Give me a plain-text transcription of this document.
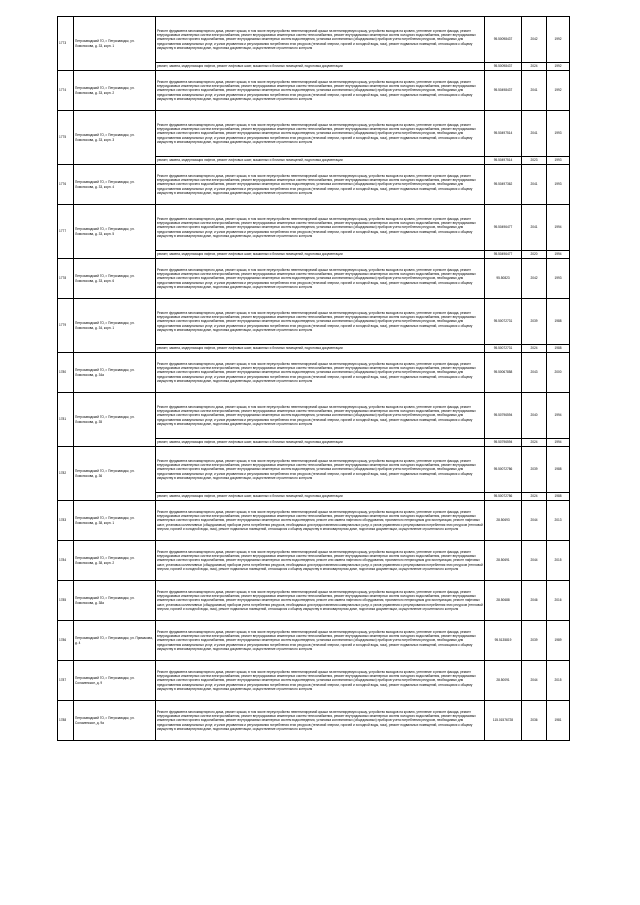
1773	Петрозаводский ГО, г. Петрозаводск, ул. Ломоносова, д. 33, корп. 1	Ремонт фундамента многоквартирного дома, ремонт крыши, в том числе переустройство невентилируемой крыши на вентилируемую крышу, устройство выходов на кровлю, утепление и ремонт фасада, ремонт внутридомовых инженерных систем электроснабжения, ремонт внутридомовых инженерных систем теплоснабжения, ремонт внутридомовых инженерных систем холодного водоснабжения, ремонт внутридомовых инженерных систем горячего водоснабжения, ремонт внутридомовых инженерных систем водоотведения, установка коллективных (общедомовых) приборов учета потребления ресурсов, необходимых для предоставления коммунальных услуг, и узлов управления и регулирования потребления этих ресурсов (тепловой энергии, горячей и холодной воды, газа), ремонт подвальных помещений, относящихся к общему имуществу в многоквартирном доме, подготовка документации, осуществление строительного контроля	95.50098437	2042	1992

		ремонт, замена, модернизация лифтов, ремонт лифтовых шахт, машинных и блочных помещений, подготовка документации	95.50098437	2024	1992
1774	Петрозаводский ГО, г. Петрозаводск, ул. Ломоносова, д. 33, корп. 2	Ремонт фундамента многоквартирного дома, ремонт крыши, в том числе переустройство невентилируемой крыши на вентилируемую крышу, устройство выходов на кровлю, утепление и ремонт фасада, ремонт внутридомовых инженерных систем электроснабжения, ремонт внутридомовых инженерных систем теплоснабжения, ремонт внутридомовых инженерных систем холодного водоснабжения, ремонт внутридомовых инженерных систем горячего водоснабжения, ремонт внутридомовых инженерных систем водоотведения, установка коллективных (общедомовых) приборов учета потребления ресурсов, необходимых для предоставления коммунальных услуг, и узлов управления и регулирования потребления этих ресурсов (тепловой энергии, горячей и холодной воды, газа), ремонт подвальных помещений, относящихся к общему имуществу в многоквартирном доме, подготовка документации, осуществление строительного контроля	95.50498437	2041	1992
1775	Петрозаводский ГО, г. Петрозаводск, ул. Ломоносова, д. 33, корп. 3	Ремонт фундамента многоквартирного дома, ремонт крыши, в том числе переустройство невентилируемой крыши на вентилируемую крышу, устройство выходов на кровлю, утепление и ремонт фасада, ремонт внутридомовых инженерных систем электроснабжения, ремонт внутридомовых инженерных систем теплоснабжения, ремонт внутридомовых инженерных систем холодного водоснабжения, ремонт внутридомовых инженерных систем горячего водоснабжения, ремонт внутридомовых инженерных систем водоотведения, установка коллективных (общедомовых) приборов учета потребления ресурсов, необходимых для предоставления коммунальных услуг, и узлов управления и регулирования потребления этих ресурсов (тепловой энергии, горячей и холодной воды, газа), ремонт подвальных помещений, относящихся к общему имуществу в многоквартирном доме, подготовка документации, осуществление строительного контроля	95.50497514	2041	1993

		ремонт, замена, модернизация лифтов, ремонт лифтовых шахт, машинных и блочных помещений, подготовка документации	95.50497514	2023	1993
1776	Петрозаводский ГО, г. Петрозаводск, ул. Ломоносова, д. 33, корп. 4	Ремонт фундамента многоквартирного дома, ремонт крыши, в том числе переустройство невентилируемой крыши на вентилируемую крышу, устройство выходов на кровлю, утепление и ремонт фасада, ремонт внутридомовых инженерных систем электроснабжения, ремонт внутридомовых инженерных систем теплоснабжения, ремонт внутридомовых инженерных систем холодного водоснабжения, ремонт внутридомовых инженерных систем горячего водоснабжения, ремонт внутридомовых инженерных систем водоотведения, установка коллективных (общедомовых) приборов учета потребления ресурсов, необходимых для предоставления коммунальных услуг, и узлов управления и регулирования потребления этих ресурсов (тепловой энергии, горячей и холодной воды, газа), ремонт подвальных помещений, относящихся к общему имуществу в многоквартирном доме, подготовка документации, осуществление строительного контроля	95.50497362	2041	1993
1777	Петрозаводский ГО, г. Петрозаводск, ул. Ломоносова, д. 33, корп. 5	Ремонт фундамента многоквартирного дома, ремонт крыши, в том числе переустройство невентилируемой крыши на вентилируемую крышу, устройство выходов на кровлю, утепление и ремонт фасада, ремонт внутридомовых инженерных систем электроснабжения, ремонт внутридомовых инженерных систем теплоснабжения, ремонт внутридомовых инженерных систем холодного водоснабжения, ремонт внутридомовых инженерных систем горячего водоснабжения, ремонт внутридомовых инженерных систем водоотведения, установка коллективных (общедомовых) приборов учета потребления ресурсов, необходимых для предоставления коммунальных услуг, и узлов управления и регулирования потребления этих ресурсов (тепловой энергии, горячей и холодной воды, газа), ремонт подвальных помещений, относящихся к общему имуществу в многоквартирном доме, подготовка документации, осуществление строительного контроля	95.50496477	2041	1994

		ремонт, замена, модернизация лифтов, ремонт лифтовых шахт, машинных и блочных помещений, подготовка документации	95.50496477	2020	1994
1778	Петрозаводский ГО, г. Петрозаводск, ул. Ломоносова, д. 33, корп. 6	Ремонт фундамента многоквартирного дома, ремонт крыши, в том числе переустройство невентилируемой крыши на вентилируемую крышу, устройство выходов на кровлю, утепление и ремонт фасада, ремонт внутридомовых инженерных систем электроснабжения, ремонт внутридомовых инженерных систем теплоснабжения, ремонт внутридомовых инженерных систем холодного водоснабжения, ремонт внутридомовых инженерных систем горячего водоснабжения, ремонт внутридомовых инженерных систем водоотведения, установка коллективных (общедомовых) приборов учета потребления ресурсов, необходимых для предоставления коммунальных услуг, и узлов управления и регулирования потребления этих ресурсов (тепловой энергии, горячей и холодной воды, газа), ремонт подвальных помещений, относящихся к общему имуществу в многоквартирном доме, подготовка документации, осуществление строительного контроля	95.50823	2042	1993
1779	Петрозаводский ГО, г. Петрозаводск, ул. Ломоносова, д. 34, корп. 1	Ремонт фундамента многоквартирного дома, ремонт крыши, в том числе переустройство невентилируемой крыши на вентилируемую крышу, устройство выходов на кровлю, утепление и ремонт фасада, ремонт внутридомовых инженерных систем электроснабжения, ремонт внутридомовых инженерных систем теплоснабжения, ремонт внутридомовых инженерных систем холодного водоснабжения, ремонт внутридомовых инженерных систем горячего водоснабжения, ремонт внутридомовых инженерных систем водоотведения, установка коллективных (общедомовых) приборов учета потребления ресурсов, необходимых для предоставления коммунальных услуг, и узлов управления и регулирования потребления этих ресурсов (тепловой энергии, горячей и холодной воды, газа), ремонт подвальных помещений, относящихся к общему имуществу в многоквартирном доме, подготовка документации, осуществление строительного контроля	95.50072731	2039	1988

		ремонт, замена, модернизация лифтов, ремонт лифтовых шахт, машинных и блочных помещений, подготовка документации	95.50072731	2024	1988
1780	Петрозаводский ГО, г. Петрозаводск, ул. Ломоносова, д. 34а	Ремонт фундамента многоквартирного дома, ремонт крыши, в том числе переустройство невентилируемой крыши на вентилируемую крышу, устройство выходов на кровлю, утепление и ремонт фасада, ремонт внутридомовых инженерных систем электроснабжения, ремонт внутридомовых инженерных систем теплоснабжения, ремонт внутридомовых инженерных систем холодного водоснабжения, ремонт внутридомовых инженерных систем горячего водоснабжения, ремонт внутридомовых инженерных систем водоотведения, установка коллективных (общедомовых) приборов учета потребления ресурсов, необходимых для предоставления коммунальных услуг, и узлов управления и регулирования потребления этих ресурсов (тепловой энергии, горячей и холодной воды, газа), ремонт подвальных помещений, относящихся к общему имуществу в многоквартирном доме, подготовка документации, осуществление строительного контроля	95.50067858	2043	2000
1781	Петрозаводский ГО, г. Петрозаводск, ул. Ломоносова, д. 35	Ремонт фундамента многоквартирного дома, ремонт крыши, в том числе переустройство невентилируемой крыши на вентилируемую крышу, устройство выходов на кровлю, утепление и ремонт фасада, ремонт внутридомовых инженерных систем электроснабжения, ремонт внутридомовых инженерных систем теплоснабжения, ремонт внутридомовых инженерных систем холодного водоснабжения, ремонт внутридомовых инженерных систем горячего водоснабжения, ремонт внутридомовых инженерных систем водоотведения, установка коллективных (общедомовых) приборов учета потребления ресурсов, необходимых для предоставления коммунальных услуг, и узлов управления и регулирования потребления этих ресурсов (тепловой энергии, горячей и холодной воды, газа), ремонт подвальных помещений, относящихся к общему имуществу в многоквартирном доме, подготовка документации, осуществление строительного контроля	95.50796594	2040	1994

		ремонт, замена, модернизация лифтов, ремонт лифтовых шахт, машинных и блочных помещений, подготовка документации	95.50796594	2024	1994
1782	Петрозаводский ГО, г. Петрозаводск, ул. Ломоносова, д. 36	Ремонт фундамента многоквартирного дома, ремонт крыши, в том числе переустройство невентилируемой крыши на вентилируемую крышу, устройство выходов на кровлю, утепление и ремонт фасада, ремонт внутридомовых инженерных систем электроснабжения, ремонт внутридомовых инженерных систем теплоснабжения, ремонт внутридомовых инженерных систем холодного водоснабжения, ремонт внутридомовых инженерных систем горячего водоснабжения, ремонт внутридомовых инженерных систем водоотведения, установка коллективных (общедомовых) приборов учета потребления ресурсов, необходимых для предоставления коммунальных услуг, и узлов управления и регулирования потребления этих ресурсов (тепловой энергии, горячей и холодной воды, газа), ремонт подвальных помещений, относящихся к общему имуществу в многоквартирном доме, подготовка документации, осуществление строительного контроля	95.50072786	2039	1988

		ремонт, замена, модернизация лифтов, ремонт лифтовых шахт, машинных и блочных помещений, подготовка документации	95.50072786	2024	1988
1783	Петрозаводский ГО, г. Петрозаводск, ул. Ломоносова, д. 38, корп. 1	Ремонт фундамента многоквартирного дома, ремонт крыши, в том числе переустройство невентилируемой крыши на вентилируемую крышу, устройство выходов на кровлю, утепление и ремонт фасада, ремонт внутридомовых инженерных систем электроснабжения, ремонт внутридомовых инженерных систем теплоснабжения, ремонт внутридомовых инженерных систем холодного водоснабжения, ремонт внутридомовых инженерных систем горячего водоснабжения, ремонт внутридомовых инженерных систем водоотведения, ремонт или замена лифтового оборудования, признанного непригодным для эксплуатации, ремонт лифтовых шахт, установка коллективных (общедомовых) приборов учета потребления ресурсов, необходимых для предоставления коммунальных услуг, и узлов управления и регулирования потребления этих ресурсов (тепловой энергии, горячей и холодной воды, газа), ремонт подвальных помещений, относящихся к общему имуществу в многоквартирном доме, подготовка документации, осуществление строительного контроля	28.50693	2044	2013
1784	Петрозаводский ГО, г. Петрозаводск, ул. Ломоносова, д. 38, корп. 2	Ремонт фундамента многоквартирного дома, ремонт крыши, в том числе переустройство невентилируемой крыши на вентилируемую крышу, устройство выходов на кровлю, утепление и ремонт фасада, ремонт внутридомовых инженерных систем электроснабжения, ремонт внутридомовых инженерных систем теплоснабжения, ремонт внутридомовых инженерных систем холодного водоснабжения, ремонт внутридомовых инженерных систем горячего водоснабжения, ремонт внутридомовых инженерных систем водоотведения, ремонт или замена лифтового оборудования, признанного непригодным для эксплуатации, ремонт лифтовых шахт, установка коллективных (общедомовых) приборов учета потребления ресурсов, необходимых для предоставления коммунальных услуг, и узлов управления и регулирования потребления этих ресурсов (тепловой энергии, горячей и холодной воды, газа), ремонт подвальных помещений, относящихся к общему имуществу в многоквартирном доме, подготовка документации, осуществление строительного контроля	28.50691	2044	2015
1785	Петрозаводский ГО, г. Петрозаводск, ул. Ломоносова, д. 38а	Ремонт фундамента многоквартирного дома, ремонт крыши, в том числе переустройство невентилируемой крыши на вентилируемую крышу, устройство выходов на кровлю, утепление и ремонт фасада, ремонт внутридомовых инженерных систем электроснабжения, ремонт внутридомовых инженерных систем теплоснабжения, ремонт внутридомовых инженерных систем холодного водоснабжения, ремонт внутридомовых инженерных систем горячего водоснабжения, ремонт внутридомовых инженерных систем водоотведения, ремонт или замена лифтового оборудования, признанного непригодным для эксплуатации, ремонт лифтовых шахт, установка коллективных (общедомовых) приборов учета потребления ресурсов, необходимых для предоставления коммунальных услуг, и узлов управления и регулирования потребления этих ресурсов (тепловой энергии, горячей и холодной воды, газа), ремонт подвальных помещений, относящихся к общему имуществу в многоквартирном доме, подготовка документации, осуществление строительного контроля	28.50688	2046	2016
1786	Петрозаводский ГО, г. Петрозаводск, ул. Примакова, д. 4	Ремонт фундамента многоквартирного дома, ремонт крыши, в том числе переустройство невентилируемой крыши на вентилируемую крышу, устройство выходов на кровлю, утепление и ремонт фасада, ремонт внутридомовых инженерных систем электроснабжения, ремонт внутридомовых инженерных систем теплоснабжения, ремонт внутридомовых инженерных систем холодного водоснабжения, ремонт внутридомовых инженерных систем горячего водоснабжения, ремонт внутридомовых инженерных систем водоотведения, установка коллективных (общедомовых) приборов учета потребления ресурсов, необходимых для предоставления коммунальных услуг, и узлов управления и регулирования потребления этих ресурсов (тепловой энергии, горячей и холодной воды, газа), ремонт подвальных помещений, относящихся к общему имуществу в многоквартирном доме, подготовка документации, осуществление строительного контроля	95.5135819	2039	1989
1787	Петрозаводский ГО, г. Петрозаводск, ул. Соломенское, д. 9	Ремонт фундамента многоквартирного дома, ремонт крыши, в том числе переустройство невентилируемой крыши на вентилируемую крышу, устройство выходов на кровлю, утепление и ремонт фасада, ремонт внутридомовых инженерных систем электроснабжения, ремонт внутридомовых инженерных систем теплоснабжения, ремонт внутридомовых инженерных систем холодного водоснабжения, ремонт внутридомовых инженерных систем горячего водоснабжения, ремонт внутридомовых инженерных систем водоотведения, установка коллективных (общедомовых) приборов учета потребления ресурсов, необходимых для предоставления коммунальных услуг, и узлов управления и регулирования потребления этих ресурсов (тепловой энергии, горячей и холодной воды, газа), ремонт подвальных помещений, относящихся к общему имуществу в многоквартирном доме, подготовка документации, осуществление строительного контроля	28.50091	2044	2015
1788	Петрозаводский ГО, г. Петрозаводск, ул. Соломенское, д. 9а	Ремонт фундамента многоквартирного дома, ремонт крыши, в том числе переустройство невентилируемой крыши на вентилируемую крышу, устройство выходов на кровлю, утепление и ремонт фасада, ремонт внутридомовых инженерных систем электроснабжения, ремонт внутридомовых инженерных систем теплоснабжения, ремонт внутридомовых инженерных систем холодного водоснабжения, ремонт внутридомовых инженерных систем горячего водоснабжения, ремонт внутридомовых инженерных систем водоотведения, установка коллективных (общедомовых) приборов учета потребления ресурсов, необходимых для предоставления коммунальных услуг, и узлов управления и регулирования потребления этих ресурсов (тепловой энергии, горячей и холодной воды, газа), ремонт подвальных помещений, относящихся к общему имуществу в многоквартирном доме, подготовка документации, осуществление строительного контроля	115.01576728	2036	1981
